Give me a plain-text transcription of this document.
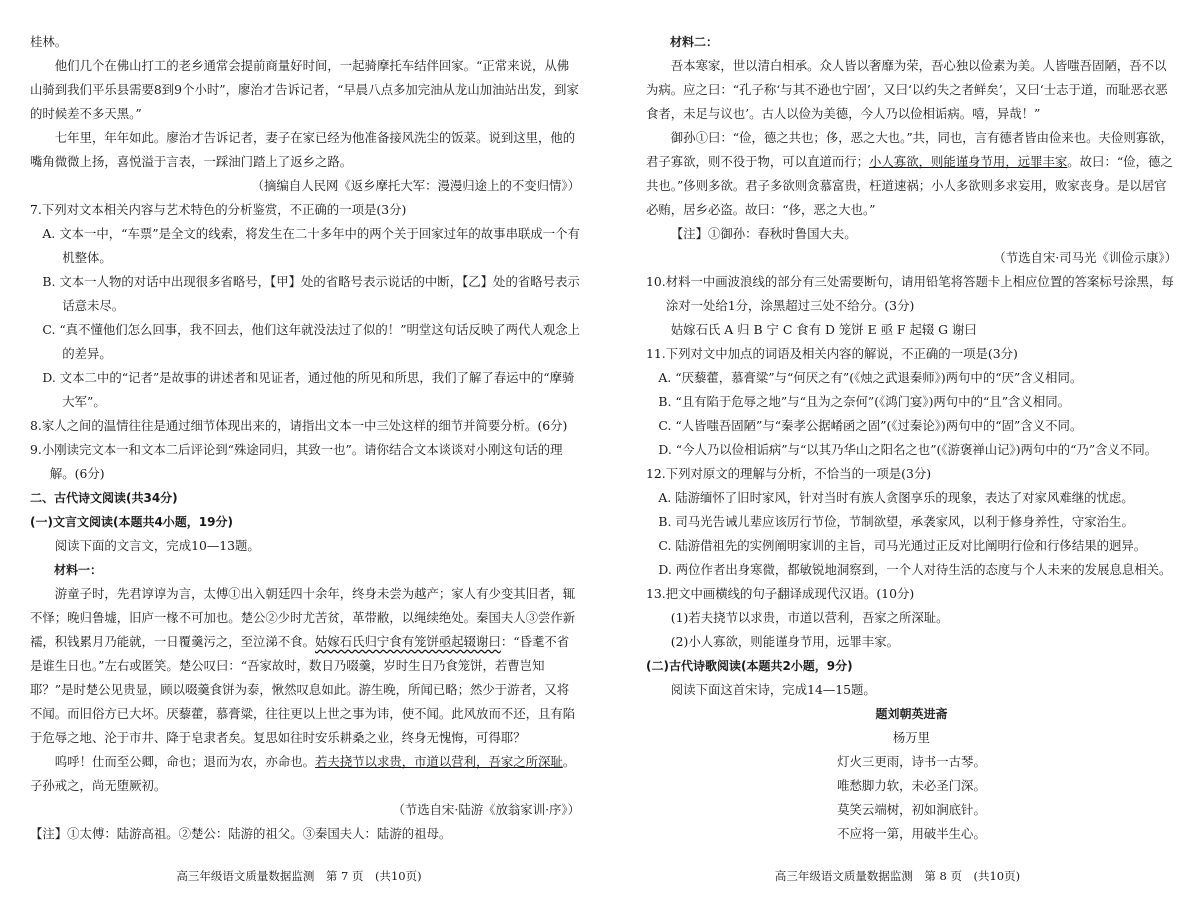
桂林。

他们几个在佛山打工的老乡通常会提前商量好时间，一起骑摩托车结伴回家。“正常来说，从佛山骑到我们平乐县需要8到9个小时”，廖治才告诉记者，“早晨八点多加完油从龙山加油站出发，到家的时候差不多天黑。”

七年里，年年如此。廖治才告诉记者，妻子在家已经为他准备接风洗尘的饭菜。说到这里，他的嘴角微微上扬，喜悦溢于言表，一踩油门踏上了返乡之路。

（摘编自人民网《返乡摩托大军：漫漫归途上的不变归情》）

7.下列对文本相关内容与艺术特色的分析鉴赏，不正确的一项是(3分)

A. 文本一中，“车票”是全文的线索，将发生在二十多年中的两个关于回家过年的故事串联成一个有机整体。

B. 文本一人物的对话中出现很多省略号，【甲】处的省略号表示说话的中断，【乙】处的省略号表示话意未尽。

C. “真不懂他们怎么回事，我不回去，他们这年就没法过了似的！”明堂这句话反映了两代人观念上的差异。

D. 文本二中的“记者”是故事的讲述者和见证者，通过他的所见和所思，我们了解了春运中的“摩骑大军”。

8.家人之间的温情往往是通过细节体现出来的，请指出文本一中三处这样的细节并简要分析。(6分)

9.小刚读完文本一和文本二后评论到“殊途同归，其致一也”。请你结合文本谈谈对小刚这句话的理解。(6分)

二、古代诗文阅读(共34分)

(一)文言文阅读(本题共4小题，19分)

阅读下面的文言文，完成10—13题。

材料一：

游童子时，先君谆谆为言，太傅①出入朝廷四十余年，终身未尝为越产；家人有少变其旧者，辄不怿；晚归鲁墟，旧庐一椽不可加也。楚公②少时尤苦贫，革带敝，以绳续绝处。秦国夫人③尝作新襦，积钱累月乃能就，一日覆羹污之，至泣涕不食。姑嫁石氏归宁食有笼饼亟起辍谢曰：“昏耄不省是谁生日也。”左右或匿笑。楚公叹曰：“吾家故时，数日乃啜羹，岁时生日乃食笼饼，若曹岂知耶？”是时楚公见贵显，顾以啜羹食饼为泰，愀然叹息如此。游生晚，所闻已略；然少于游者，又将不闻。而旧俗方已大坏。厌藜藿，慕膏粱，往往更以上世之事为讳，使不闻。此风放而不还，且有陷于危辱之地、沦于市井、降于皂隶者矣。复思如往时安乐耕桑之业，终身无愧悔，可得耶？

呜呼！仕而至公卿，命也；退而为农，亦命也。若夫挠节以求贵，市道以营利，吾家之所深耻。子孙戒之，尚无堕厥初。

（节选自宋·陆游《放翁家训·序》）

【注】①太傅：陆游高祖。②楚公：陆游的祖父。③秦国夫人：陆游的祖母。

高三年级语文质量数据监测　第 7 页　(共10页)

材料二：

吾本寒家，世以清白相承。众人皆以奢靡为荣，吾心独以俭素为美。人皆嗤吾固陋，吾不以为病。应之曰：“孔子称‘与其不逊也宁固’，又曰‘以约失之者鲜矣’，又曰‘士志于道，而耻恶衣恶食者，未足与议也’。古人以俭为美德，今人乃以俭相诟病。嘻，异哉！”

御孙①曰：“俭，德之共也；侈，恶之大也。”共，同也，言有德者皆由俭来也。夫俭则寡欲，君子寡欲，则不役于物，可以直道而行；小人寡欲，则能谨身节用，远罪丰家。故曰：“俭，德之共也。”侈则多欲。君子多欲则贪慕富贵，枉道速祸；小人多欲则多求妄用，败家丧身。是以居官必贿，居乡必盗。故曰：“侈，恶之大也。”

【注】①御孙：春秋时鲁国大夫。

（节选自宋·司马光《训俭示康》）

10.材料一中画波浪线的部分有三处需要断句，请用铅笔将答题卡上相应位置的答案标号涂黑，每涂对一处给1分，涂黑超过三处不给分。(3分)

姑嫁石氏 A 归 B 宁 C 食有 D 笼饼 E 亟 F 起辍 G 谢曰

11.下列对文中加点的词语及相关内容的解说，不正确的一项是(3分)

A. “厌藜藿，慕膏粱”与“何厌之有”(《烛之武退秦师》)两句中的“厌”含义相同。

B. “且有陷于危辱之地”与“且为之奈何”(《鸿门宴》)两句中的“且”含义相同。

C. “人皆嗤吾固陋”与“秦孝公据崤函之固”(《过秦论》)两句中的“固”含义不同。

D. “今人乃以俭相诟病”与“以其乃华山之阳名之也”(《游褒禅山记》)两句中的“乃”含义不同。

12.下列对原文的理解与分析，不恰当的一项是(3分)

A. 陆游缅怀了旧时家风，针对当时有族人贪图享乐的现象，表达了对家风难继的忧虑。

B. 司马光告诫儿辈应该厉行节俭，节制欲望，承袭家风，以利于修身养性，守家治生。

C. 陆游借祖先的实例阐明家训的主旨，司马光通过正反对比阐明行俭和行侈结果的迥异。

D. 两位作者出身寒微，都敏锐地洞察到，一个人对待生活的态度与个人未来的发展息息相关。

13.把文中画横线的句子翻译成现代汉语。(10分)

(1)若夫挠节以求贵，市道以营利，吾家之所深耻。

(2)小人寡欲，则能谨身节用，远罪丰家。

(二)古代诗歌阅读(本题共2小题，9分)

阅读下面这首宋诗，完成14—15题。

题刘朝英进斋

杨万里

灯火三更雨，诗书一古琴。

唯愁脚力软，未必圣门深。

莫笑云端树，初如涧底针。

不应将一第，用破半生心。

高三年级语文质量数据监测　第 8 页　(共10页)
